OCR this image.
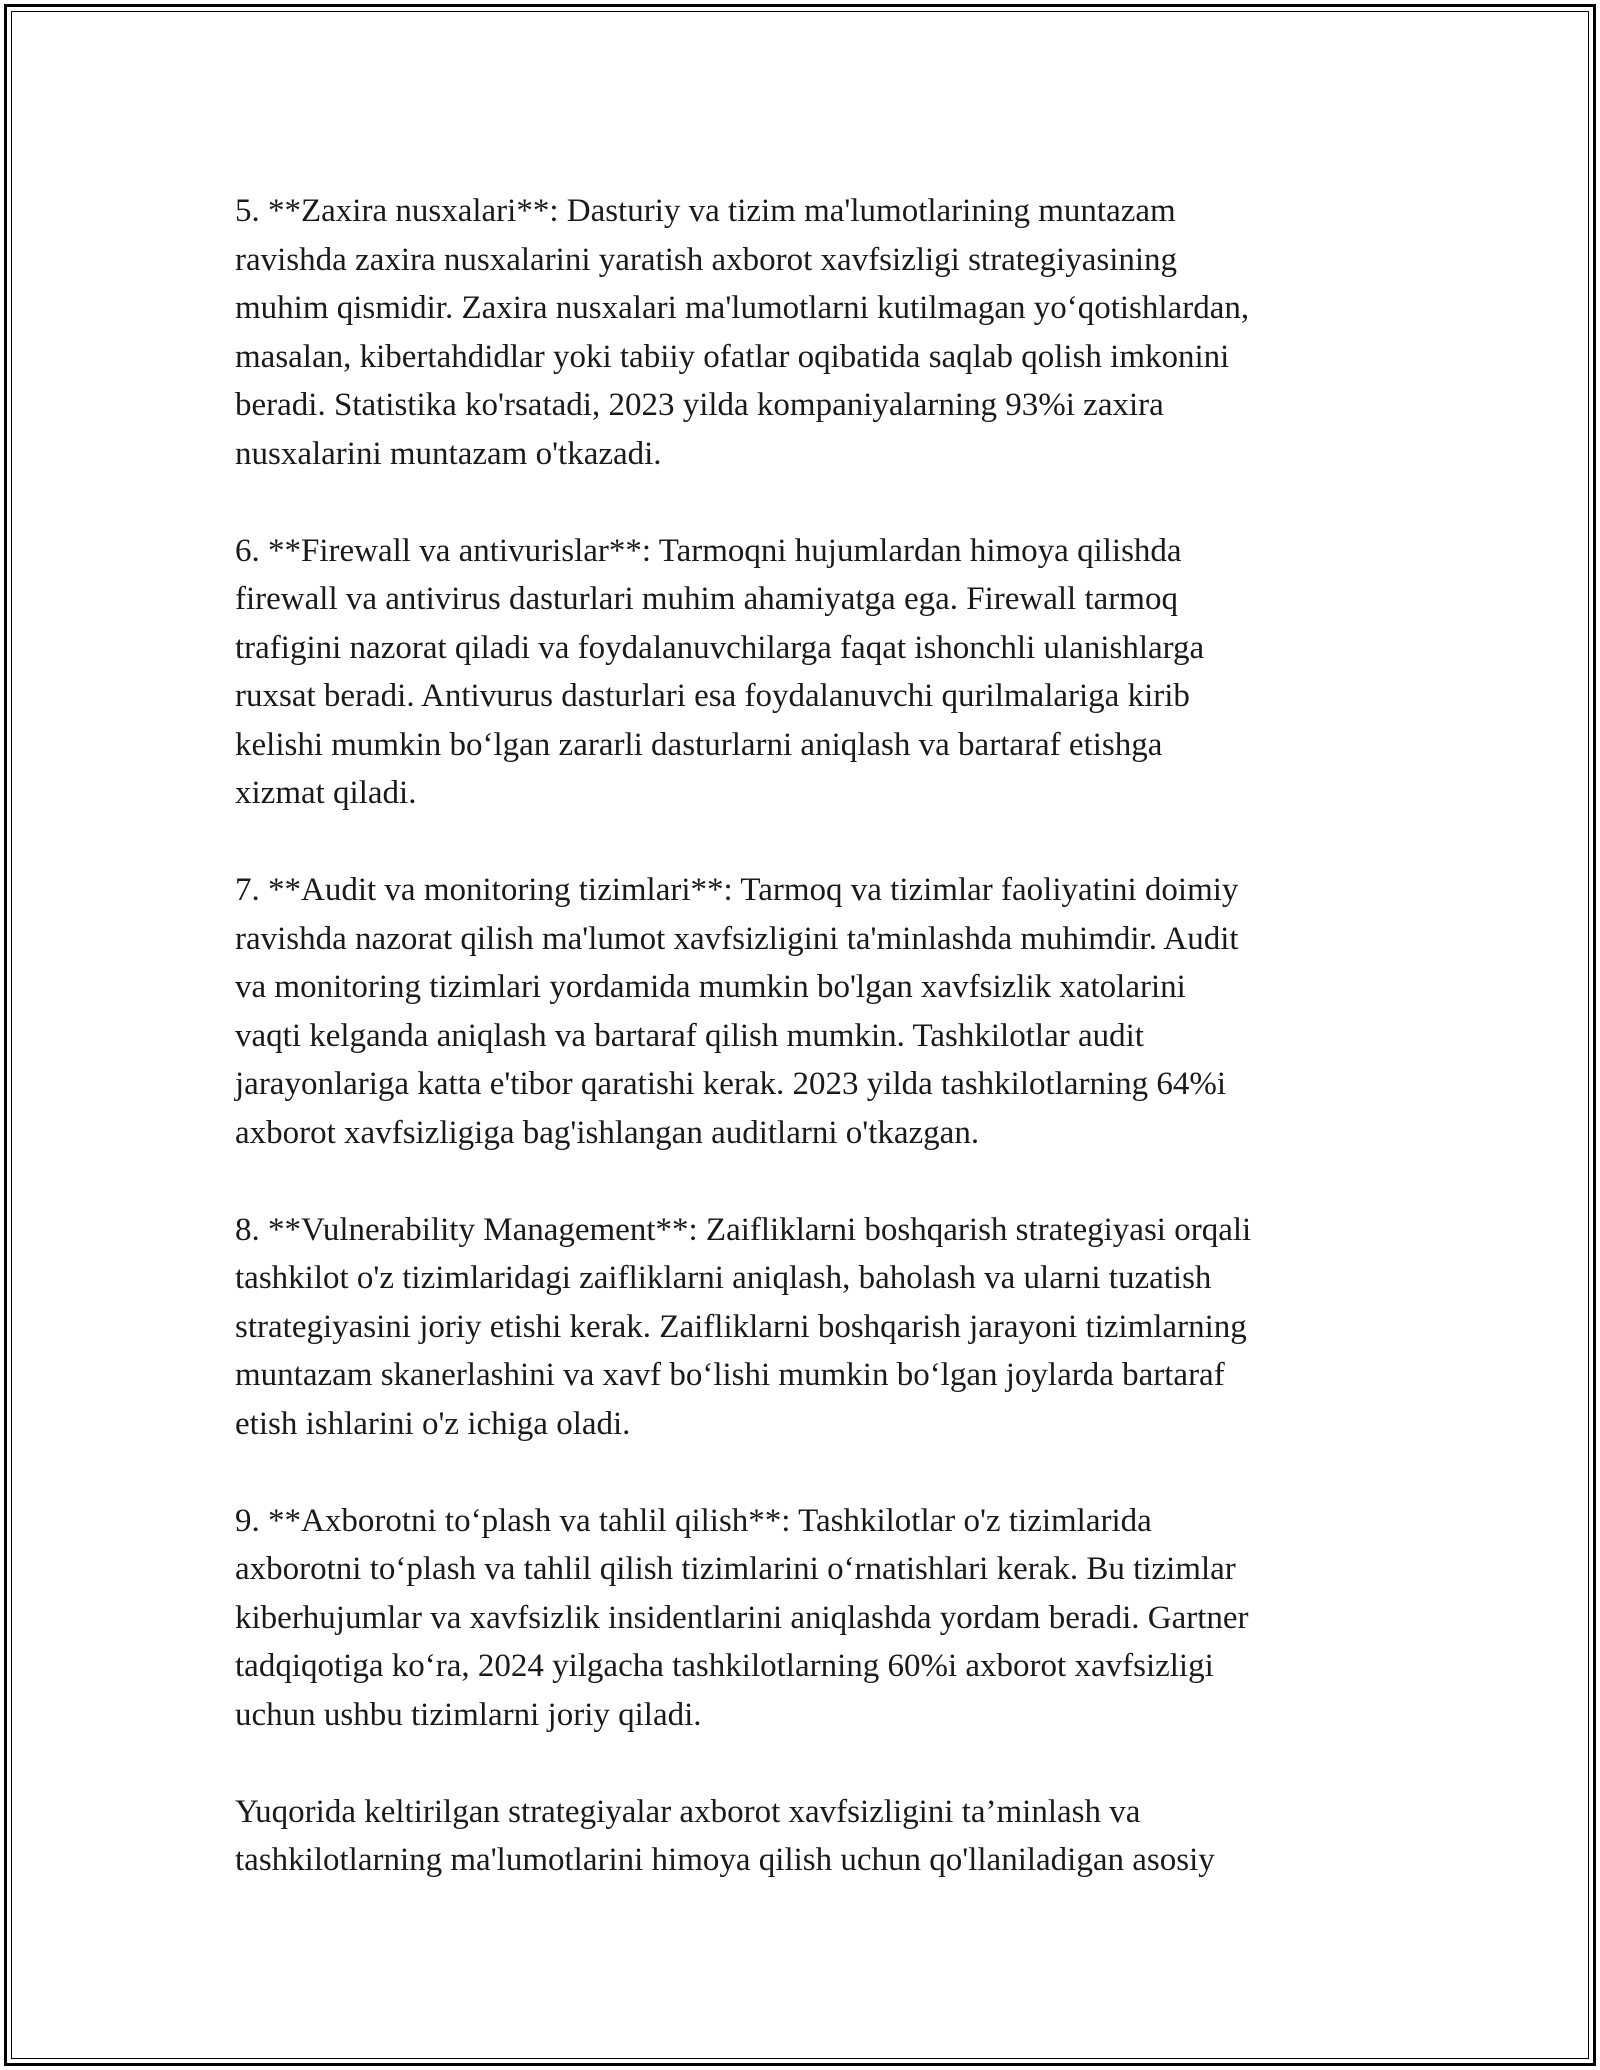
5. **Zaxira nusxalari**: Dasturiy va tizim ma'lumotlarining muntazam
ravishda zaxira nusxalarini yaratish axborot xavfsizligi strategiyasining
muhim qismidir. Zaxira nusxalari ma'lumotlarni kutilmagan yo‘qotishlardan,
masalan, kibertahdidlar yoki tabiiy ofatlar oqibatida saqlab qolish imkonini
beradi. Statistika ko'rsatadi, 2023 yilda kompaniyalarning 93%i zaxira
nusxalarini muntazam o'tkazadi.

6. **Firewall va antivurislar**: Tarmoqni hujumlardan himoya qilishda
firewall va antivirus dasturlari muhim ahamiyatga ega. Firewall tarmoq
trafigini nazorat qiladi va foydalanuvchilarga faqat ishonchli ulanishlarga
ruxsat beradi. Antivurus dasturlari esa foydalanuvchi qurilmalariga kirib
kelishi mumkin bo‘lgan zararli dasturlarni aniqlash va bartaraf etishga
xizmat qiladi.

7. **Audit va monitoring tizimlari**: Tarmoq va tizimlar faoliyatini doimiy
ravishda nazorat qilish ma'lumot xavfsizligini ta'minlashda muhimdir. Audit
va monitoring tizimlari yordamida mumkin bo'lgan xavfsizlik xatolarini
vaqti kelganda aniqlash va bartaraf qilish mumkin. Tashkilotlar audit
jarayonlariga katta e'tibor qaratishi kerak. 2023 yilda tashkilotlarning 64%i
axborot xavfsizligiga bag'ishlangan auditlarni o'tkazgan.

8. **Vulnerability Management**: Zaifliklarni boshqarish strategiyasi orqali
tashkilot o'z tizimlaridagi zaifliklarni aniqlash, baholash va ularni tuzatish
strategiyasini joriy etishi kerak. Zaifliklarni boshqarish jarayoni tizimlarning
muntazam skanerlashini va xavf bo‘lishi mumkin bo‘lgan joylarda bartaraf
etish ishlarini o'z ichiga oladi.

9. **Axborotni to‘plash va tahlil qilish**: Tashkilotlar o'z tizimlarida
axborotni to‘plash va tahlil qilish tizimlarini o‘rnatishlari kerak. Bu tizimlar
kiberhujumlar va xavfsizlik insidentlarini aniqlashda yordam beradi. Gartner
tadqiqotiga ko‘ra, 2024 yilgacha tashkilotlarning 60%i axborot xavfsizligi
uchun ushbu tizimlarni joriy qiladi.

Yuqorida keltirilgan strategiyalar axborot xavfsizligini ta’minlash va
tashkilotlarning ma'lumotlarini himoya qilish uchun qo'llaniladigan asosiy
